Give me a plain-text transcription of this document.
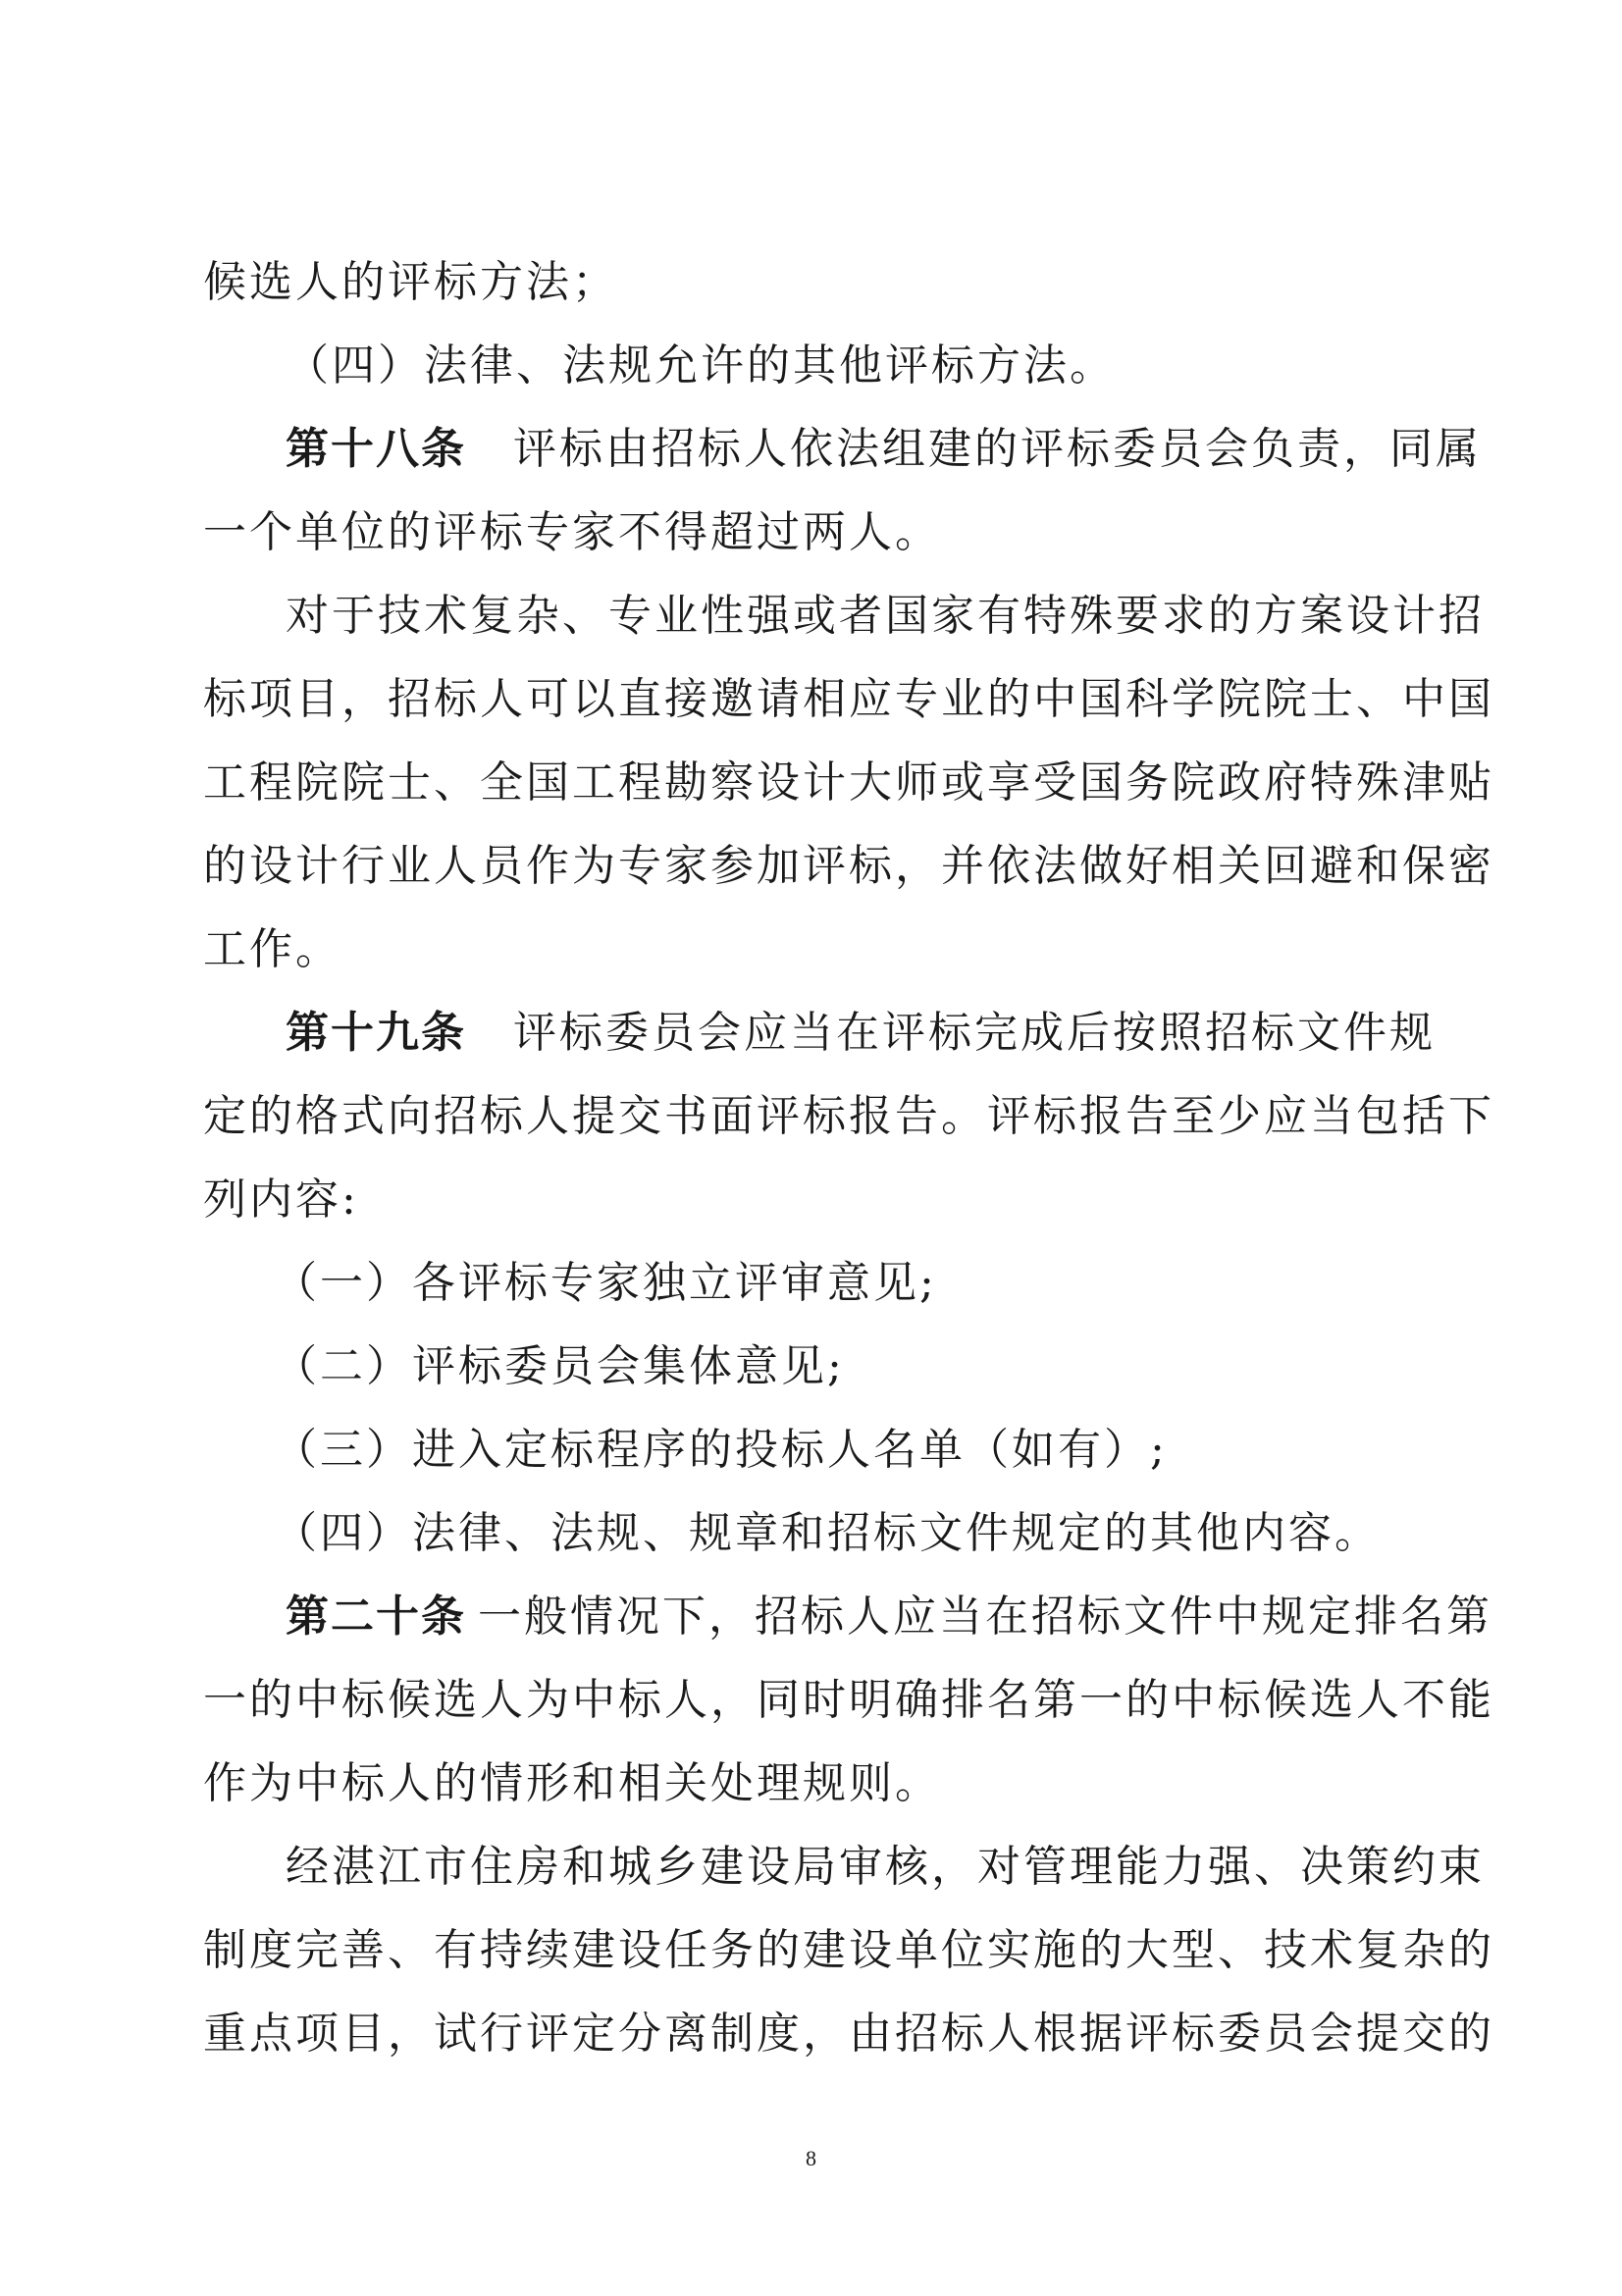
候选人的评标方法；
（四）法律、法规允许的其他评标方法。
第十八条 评标由招标人依法组建的评标委员会负责，同属
一个单位的评标专家不得超过两人。
对于技术复杂、专业性强或者国家有特殊要求的方案设计招
标项目，招标人可以直接邀请相应专业的中国科学院院士、中国
工程院院士、全国工程勘察设计大师或享受国务院政府特殊津贴
的设计行业人员作为专家参加评标，并依法做好相关回避和保密
工作。
第十九条 评标委员会应当在评标完成后按照招标文件规
定的格式向招标人提交书面评标报告。评标报告至少应当包括下
列内容:
（一）各评标专家独立评审意见;
（二）评标委员会集体意见;
（三）进入定标程序的投标人名单（如有）;
（四）法律、法规、规章和招标文件规定的其他内容。
第二十条 一般情况下，招标人应当在招标文件中规定排名第
一的中标候选人为中标人，同时明确排名第一的中标候选人不能
作为中标人的情形和相关处理规则。
经湛江市住房和城乡建设局审核，对管理能力强、决策约束
制度完善、有持续建设任务的建设单位实施的大型、技术复杂的
重点项目，试行评定分离制度，由招标人根据评标委员会提交的
8
